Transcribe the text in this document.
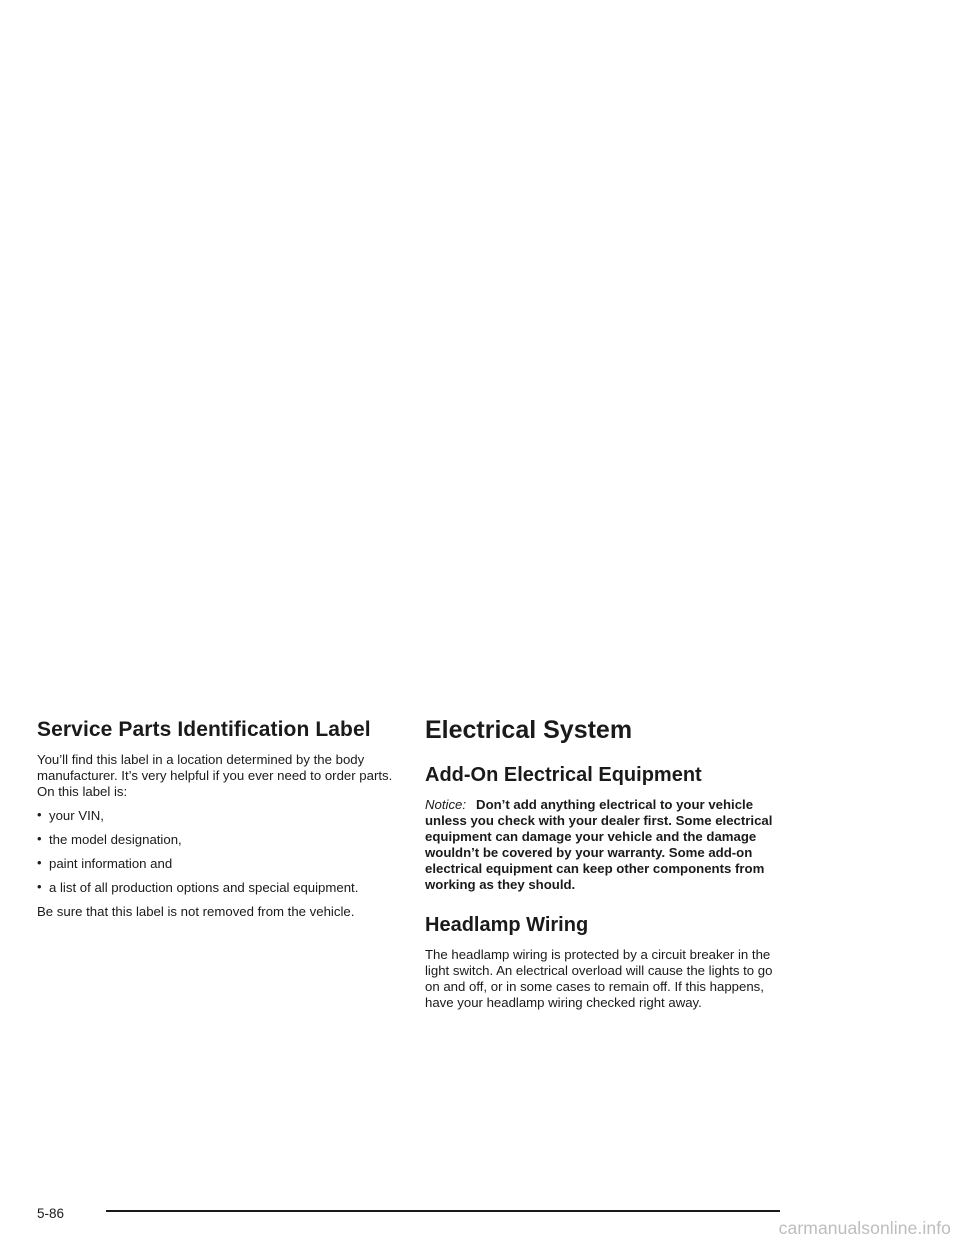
Service Parts Identification Label

You’ll find this label in a location determined by the body manufacturer. It’s very helpful if you ever need to order parts. On this label is:

• your VIN,
• the model designation,
• paint information and
• a list of all production options and special equipment.

Be sure that this label is not removed from the vehicle.

Electrical System
Add-On Electrical Equipment

Notice: Don’t add anything electrical to your vehicle unless you check with your dealer first. Some electrical equipment can damage your vehicle and the damage wouldn’t be covered by your warranty. Some add-on electrical equipment can keep other components from working as they should.

Headlamp Wiring

The headlamp wiring is protected by a circuit breaker in the light switch. An electrical overload will cause the lights to go on and off, or in some cases to remain off. If this happens, have your headlamp wiring checked right away.

5-86
carmanualsonline.info
